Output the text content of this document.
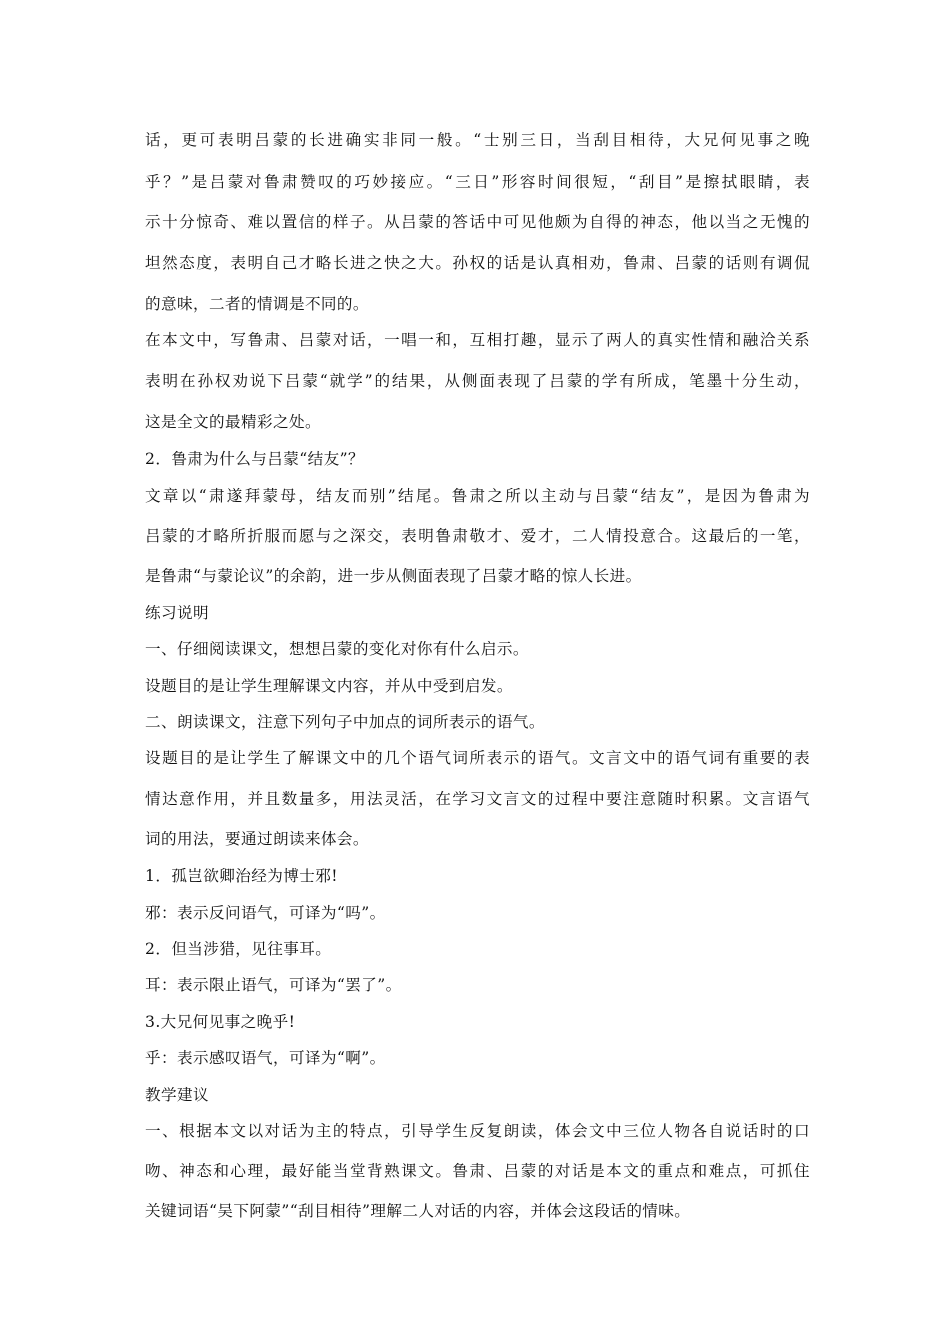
话，更可表明吕蒙的长进确实非同一般。“士别三日，当刮目相待，大兄何见事之晚
乎？”是吕蒙对鲁肃赞叹的巧妙接应。“三日”形容时间很短，“刮目”是擦拭眼睛，表
示十分惊奇、难以置信的样子。从吕蒙的答话中可见他颇为自得的神态，他以当之无愧的
坦然态度，表明自己才略长进之快之大。孙权的话是认真相劝，鲁肃、吕蒙的话则有调侃
的意味，二者的情调是不同的。
在本文中，写鲁肃、吕蒙对话，一唱一和，互相打趣，显示了两人的真实性情和融洽关系
表明在孙权劝说下吕蒙“就学”的结果，从侧面表现了吕蒙的学有所成，笔墨十分生动，
这是全文的最精彩之处。
2．鲁肃为什么与吕蒙“结友”？
文章以“肃遂拜蒙母，结友而别”结尾。鲁肃之所以主动与吕蒙“结友”，是因为鲁肃为
吕蒙的才略所折服而愿与之深交，表明鲁肃敬才、爱才，二人情投意合。这最后的一笔，
是鲁肃“与蒙论议”的余韵，进一步从侧面表现了吕蒙才略的惊人长进。
练习说明
一、仔细阅读课文，想想吕蒙的变化对你有什么启示。
设题目的是让学生理解课文内容，并从中受到启发。
二、朗读课文，注意下列句子中加点的词所表示的语气。
设题目的是让学生了解课文中的几个语气词所表示的语气。文言文中的语气词有重要的表
情达意作用，并且数量多，用法灵活，在学习文言文的过程中要注意随时积累。文言语气
词的用法，要通过朗读来体会。
1．孤岂欲卿治经为博士邪!
邪：表示反问语气，可译为“吗”。
2．但当涉猎，见往事耳。
耳：表示限止语气，可译为“罢了”。
3.大兄何见事之晚乎!
乎：表示感叹语气，可译为“啊”。
教学建议
一、根据本文以对话为主的特点，引导学生反复朗读，体会文中三位人物各自说话时的口
吻、神态和心理，最好能当堂背熟课文。鲁肃、吕蒙的对话是本文的重点和难点，可抓住
关键词语“吴下阿蒙”“刮目相待”理解二人对话的内容，并体会这段话的情味。
